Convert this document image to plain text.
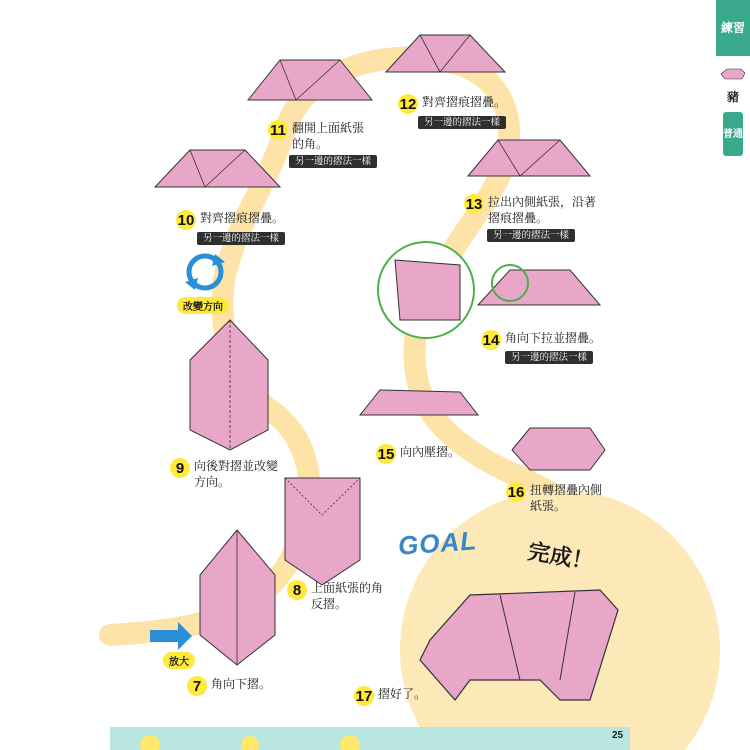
7 角向下摺。
8 上面紙張的角
反摺。
9 向後對摺並改變
方向。
10 對齊摺痕摺疊。
另一邊的摺法一樣
11 翻開上面紙張
的角。
另一邊的摺法一樣
12 對齊摺痕摺疊。
另一邊的摺法一樣
13 拉出內側紙張，沿著
摺痕摺疊。
另一邊的摺法一樣
14 角向下拉並摺疊。
另一邊的摺法一樣
15 向內壓摺。
16 扭轉摺疊內側
紙張。
17 摺好了。
改變方向
放大
GOAL 完成！
練習
豬
普通
25
